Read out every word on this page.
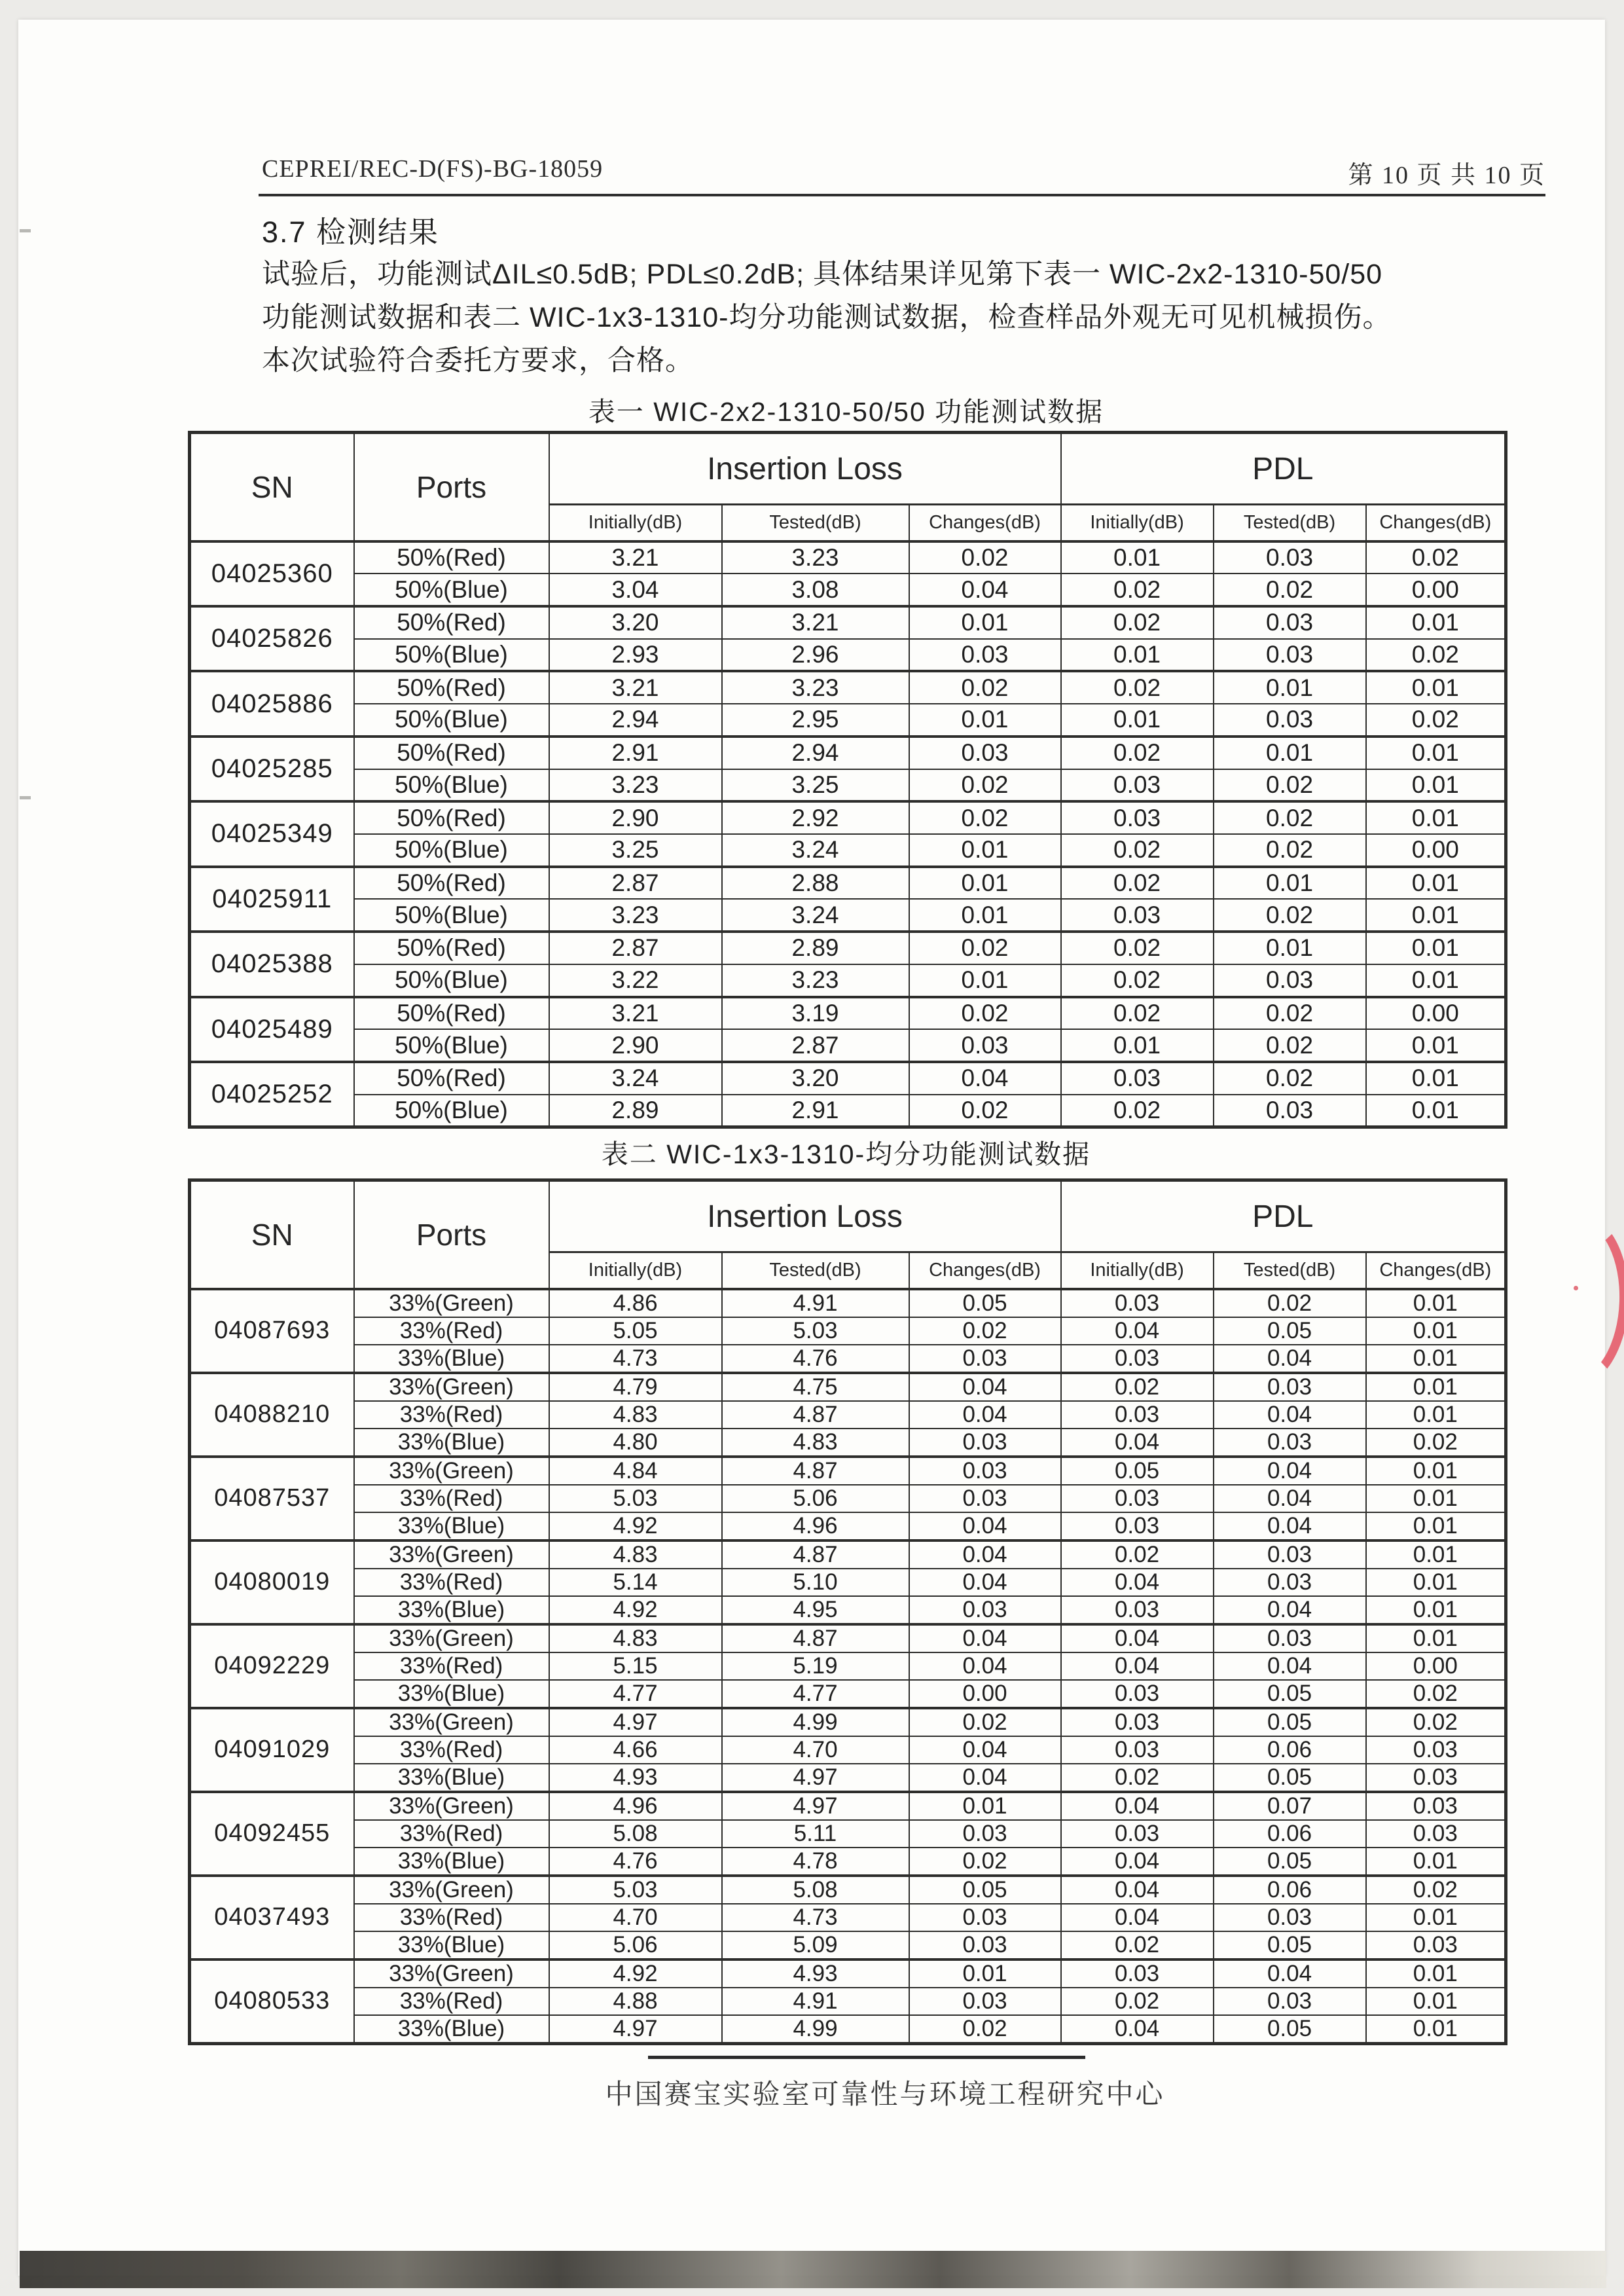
CEPREI/REC-D(FS)-BG-18059	第 10 页 共 10 页
3.7 检测结果
试验后，功能测试ΔIL≤0.5dB; PDL≤0.2dB; 具体结果详见第下表一 WIC-2x2-1310-50/50
功能测试数据和表二 WIC-1x3-1310-均分功能测试数据，检查样品外观无可见机械损伤。
本次试验符合委托方要求，合格。
表一 WIC-2x2-1310-50/50 功能测试数据
SN	Ports	Insertion Loss			PDL		
		Initially(dB)	Tested(dB)	Changes(dB)	Initially(dB)	Tested(dB)	Changes(dB)
04025360	50%(Red)	3.21	3.23	0.02	0.01	0.03	0.02
	50%(Blue)	3.04	3.08	0.04	0.02	0.02	0.00
04025826	50%(Red)	3.20	3.21	0.01	0.02	0.03	0.01
	50%(Blue)	2.93	2.96	0.03	0.01	0.03	0.02
04025886	50%(Red)	3.21	3.23	0.02	0.02	0.01	0.01
	50%(Blue)	2.94	2.95	0.01	0.01	0.03	0.02
04025285	50%(Red)	2.91	2.94	0.03	0.02	0.01	0.01
	50%(Blue)	3.23	3.25	0.02	0.03	0.02	0.01
04025349	50%(Red)	2.90	2.92	0.02	0.03	0.02	0.01
	50%(Blue)	3.25	3.24	0.01	0.02	0.02	0.00
04025911	50%(Red)	2.87	2.88	0.01	0.02	0.01	0.01
	50%(Blue)	3.23	3.24	0.01	0.03	0.02	0.01
04025388	50%(Red)	2.87	2.89	0.02	0.02	0.01	0.01
	50%(Blue)	3.22	3.23	0.01	0.02	0.03	0.01
04025489	50%(Red)	3.21	3.19	0.02	0.02	0.02	0.00
	50%(Blue)	2.90	2.87	0.03	0.01	0.02	0.01
04025252	50%(Red)	3.24	3.20	0.04	0.03	0.02	0.01
	50%(Blue)	2.89	2.91	0.02	0.02	0.03	0.01
表二 WIC-1x3-1310-均分功能测试数据
SN	Ports	Insertion Loss			PDL		
		Initially(dB)	Tested(dB)	Changes(dB)	Initially(dB)	Tested(dB)	Changes(dB)
04087693	33%(Green)	4.86	4.91	0.05	0.03	0.02	0.01
	33%(Red)	5.05	5.03	0.02	0.04	0.05	0.01
	33%(Blue)	4.73	4.76	0.03	0.03	0.04	0.01
04088210	33%(Green)	4.79	4.75	0.04	0.02	0.03	0.01
	33%(Red)	4.83	4.87	0.04	0.03	0.04	0.01
	33%(Blue)	4.80	4.83	0.03	0.04	0.03	0.02
04087537	33%(Green)	4.84	4.87	0.03	0.05	0.04	0.01
	33%(Red)	5.03	5.06	0.03	0.03	0.04	0.01
	33%(Blue)	4.92	4.96	0.04	0.03	0.04	0.01
04080019	33%(Green)	4.83	4.87	0.04	0.02	0.03	0.01
	33%(Red)	5.14	5.10	0.04	0.04	0.03	0.01
	33%(Blue)	4.92	4.95	0.03	0.03	0.04	0.01
04092229	33%(Green)	4.83	4.87	0.04	0.04	0.03	0.01
	33%(Red)	5.15	5.19	0.04	0.04	0.04	0.00
	33%(Blue)	4.77	4.77	0.00	0.03	0.05	0.02
04091029	33%(Green)	4.97	4.99	0.02	0.03	0.05	0.02
	33%(Red)	4.66	4.70	0.04	0.03	0.06	0.03
	33%(Blue)	4.93	4.97	0.04	0.02	0.05	0.03
04092455	33%(Green)	4.96	4.97	0.01	0.04	0.07	0.03
	33%(Red)	5.08	5.11	0.03	0.03	0.06	0.03
	33%(Blue)	4.76	4.78	0.02	0.04	0.05	0.01
04037493	33%(Green)	5.03	5.08	0.05	0.04	0.06	0.02
	33%(Red)	4.70	4.73	0.03	0.04	0.03	0.01
	33%(Blue)	5.06	5.09	0.03	0.02	0.05	0.03
04080533	33%(Green)	4.92	4.93	0.01	0.03	0.04	0.01
	33%(Red)	4.88	4.91	0.03	0.02	0.03	0.01
	33%(Blue)	4.97	4.99	0.02	0.04	0.05	0.01
中国赛宝实验室可靠性与环境工程研究中心
